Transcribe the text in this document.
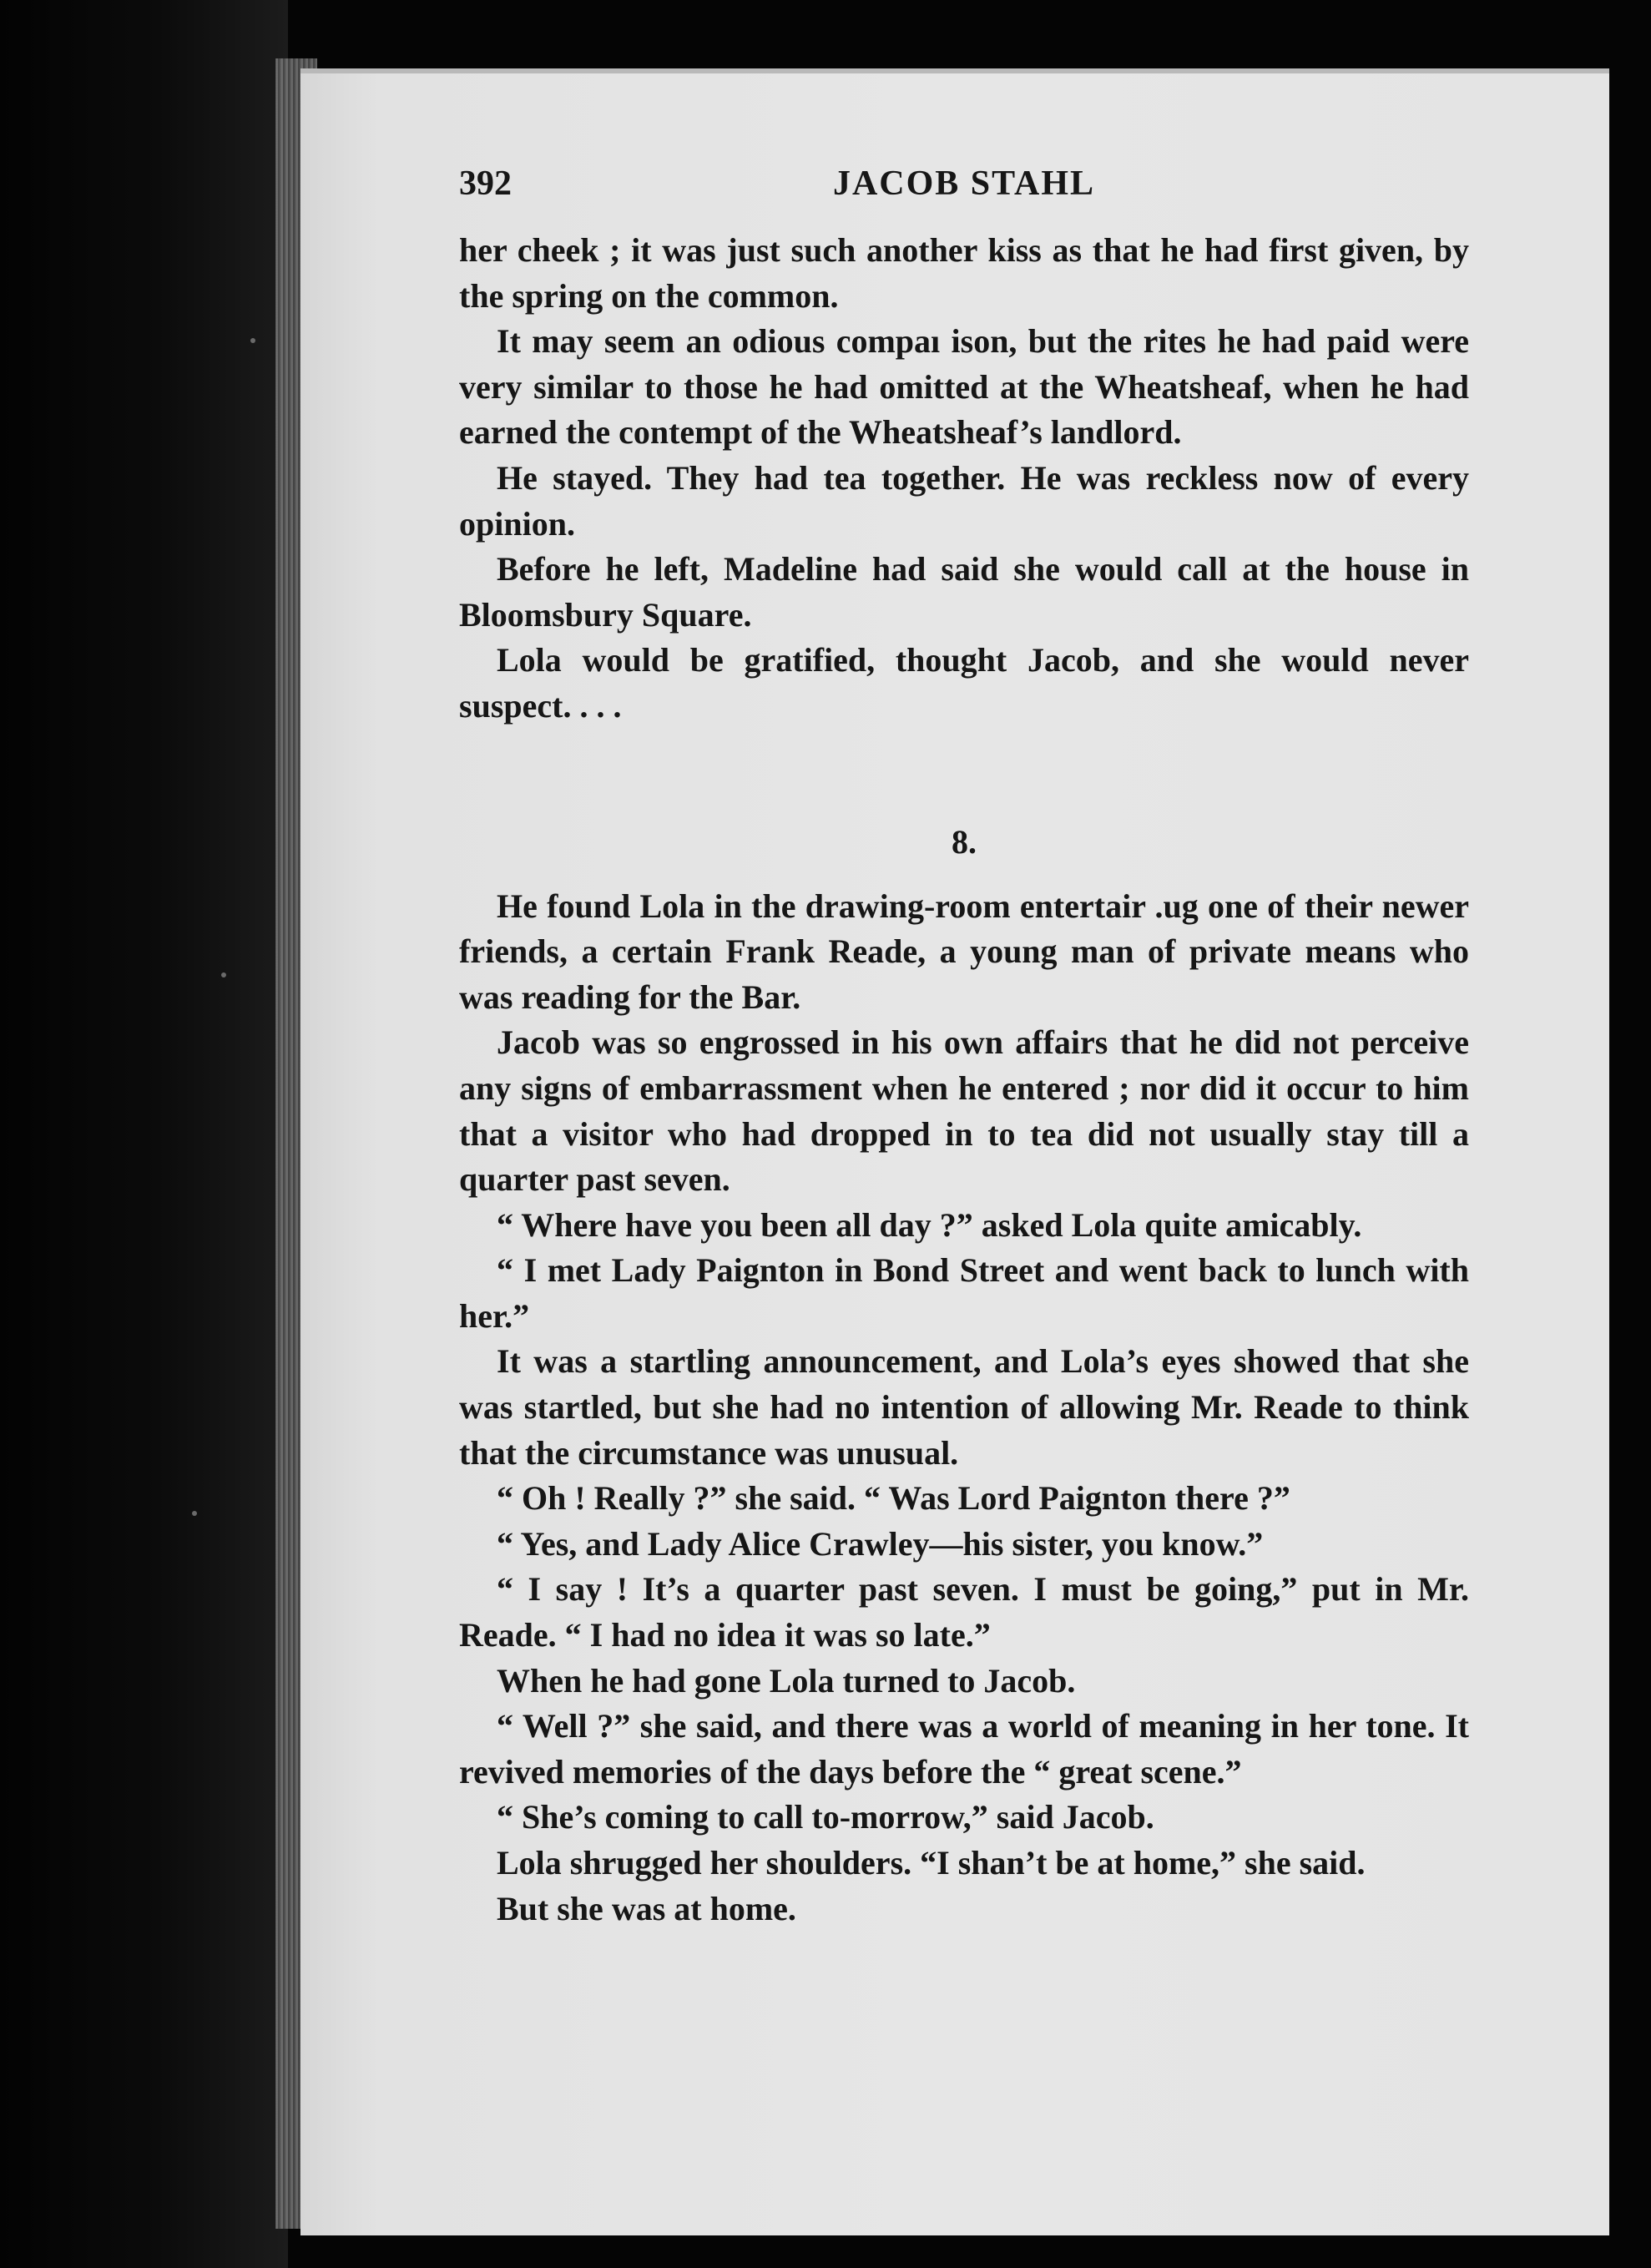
392	JACOB STAHL

her cheek ; it was just such another kiss as that he had first given, by the spring on the common.

It may seem an odious compaı ison, but the rites he had paid were very similar to those he had omitted at the Wheatsheaf, when he had earned the contempt of the Wheatsheaf’s landlord.

He stayed. They had tea together. He was reckless now of every opinion.

Before he left, Madeline had said she would call at the house in Bloomsbury Square.

Lola would be gratified, thought Jacob, and she would never suspect. . . .

8.

He found Lola in the drawing-room entertair .ug one of their newer friends, a certain Frank Reade, a young man of private means who was reading for the Bar.

Jacob was so engrossed in his own affairs that he did not perceive any signs of embarrassment when he entered ; nor did it occur to him that a visitor who had dropped in to tea did not usually stay till a quarter past seven.

“ Where have you been all day ?” asked Lola quite amicably.

“ I met Lady Paignton in Bond Street and went back to lunch with her.”

It was a startling announcement, and Lola’s eyes showed that she was startled, but she had no intention of allowing Mr. Reade to think that the circumstance was unusual.

“ Oh ! Really ?” she said. “ Was Lord Paignton there ?”

“ Yes, and Lady Alice Crawley—his sister, you know.”

“ I say ! It’s a quarter past seven. I must be going,” put in Mr. Reade. “ I had no idea it was so late.”

When he had gone Lola turned to Jacob.

“ Well ?” she said, and there was a world of meaning in her tone. It revived memories of the days before the “ great scene.”

“ She’s coming to call to-morrow,” said Jacob.

Lola shrugged her shoulders. “I shan’t be at home,” she said.

But she was at home.
